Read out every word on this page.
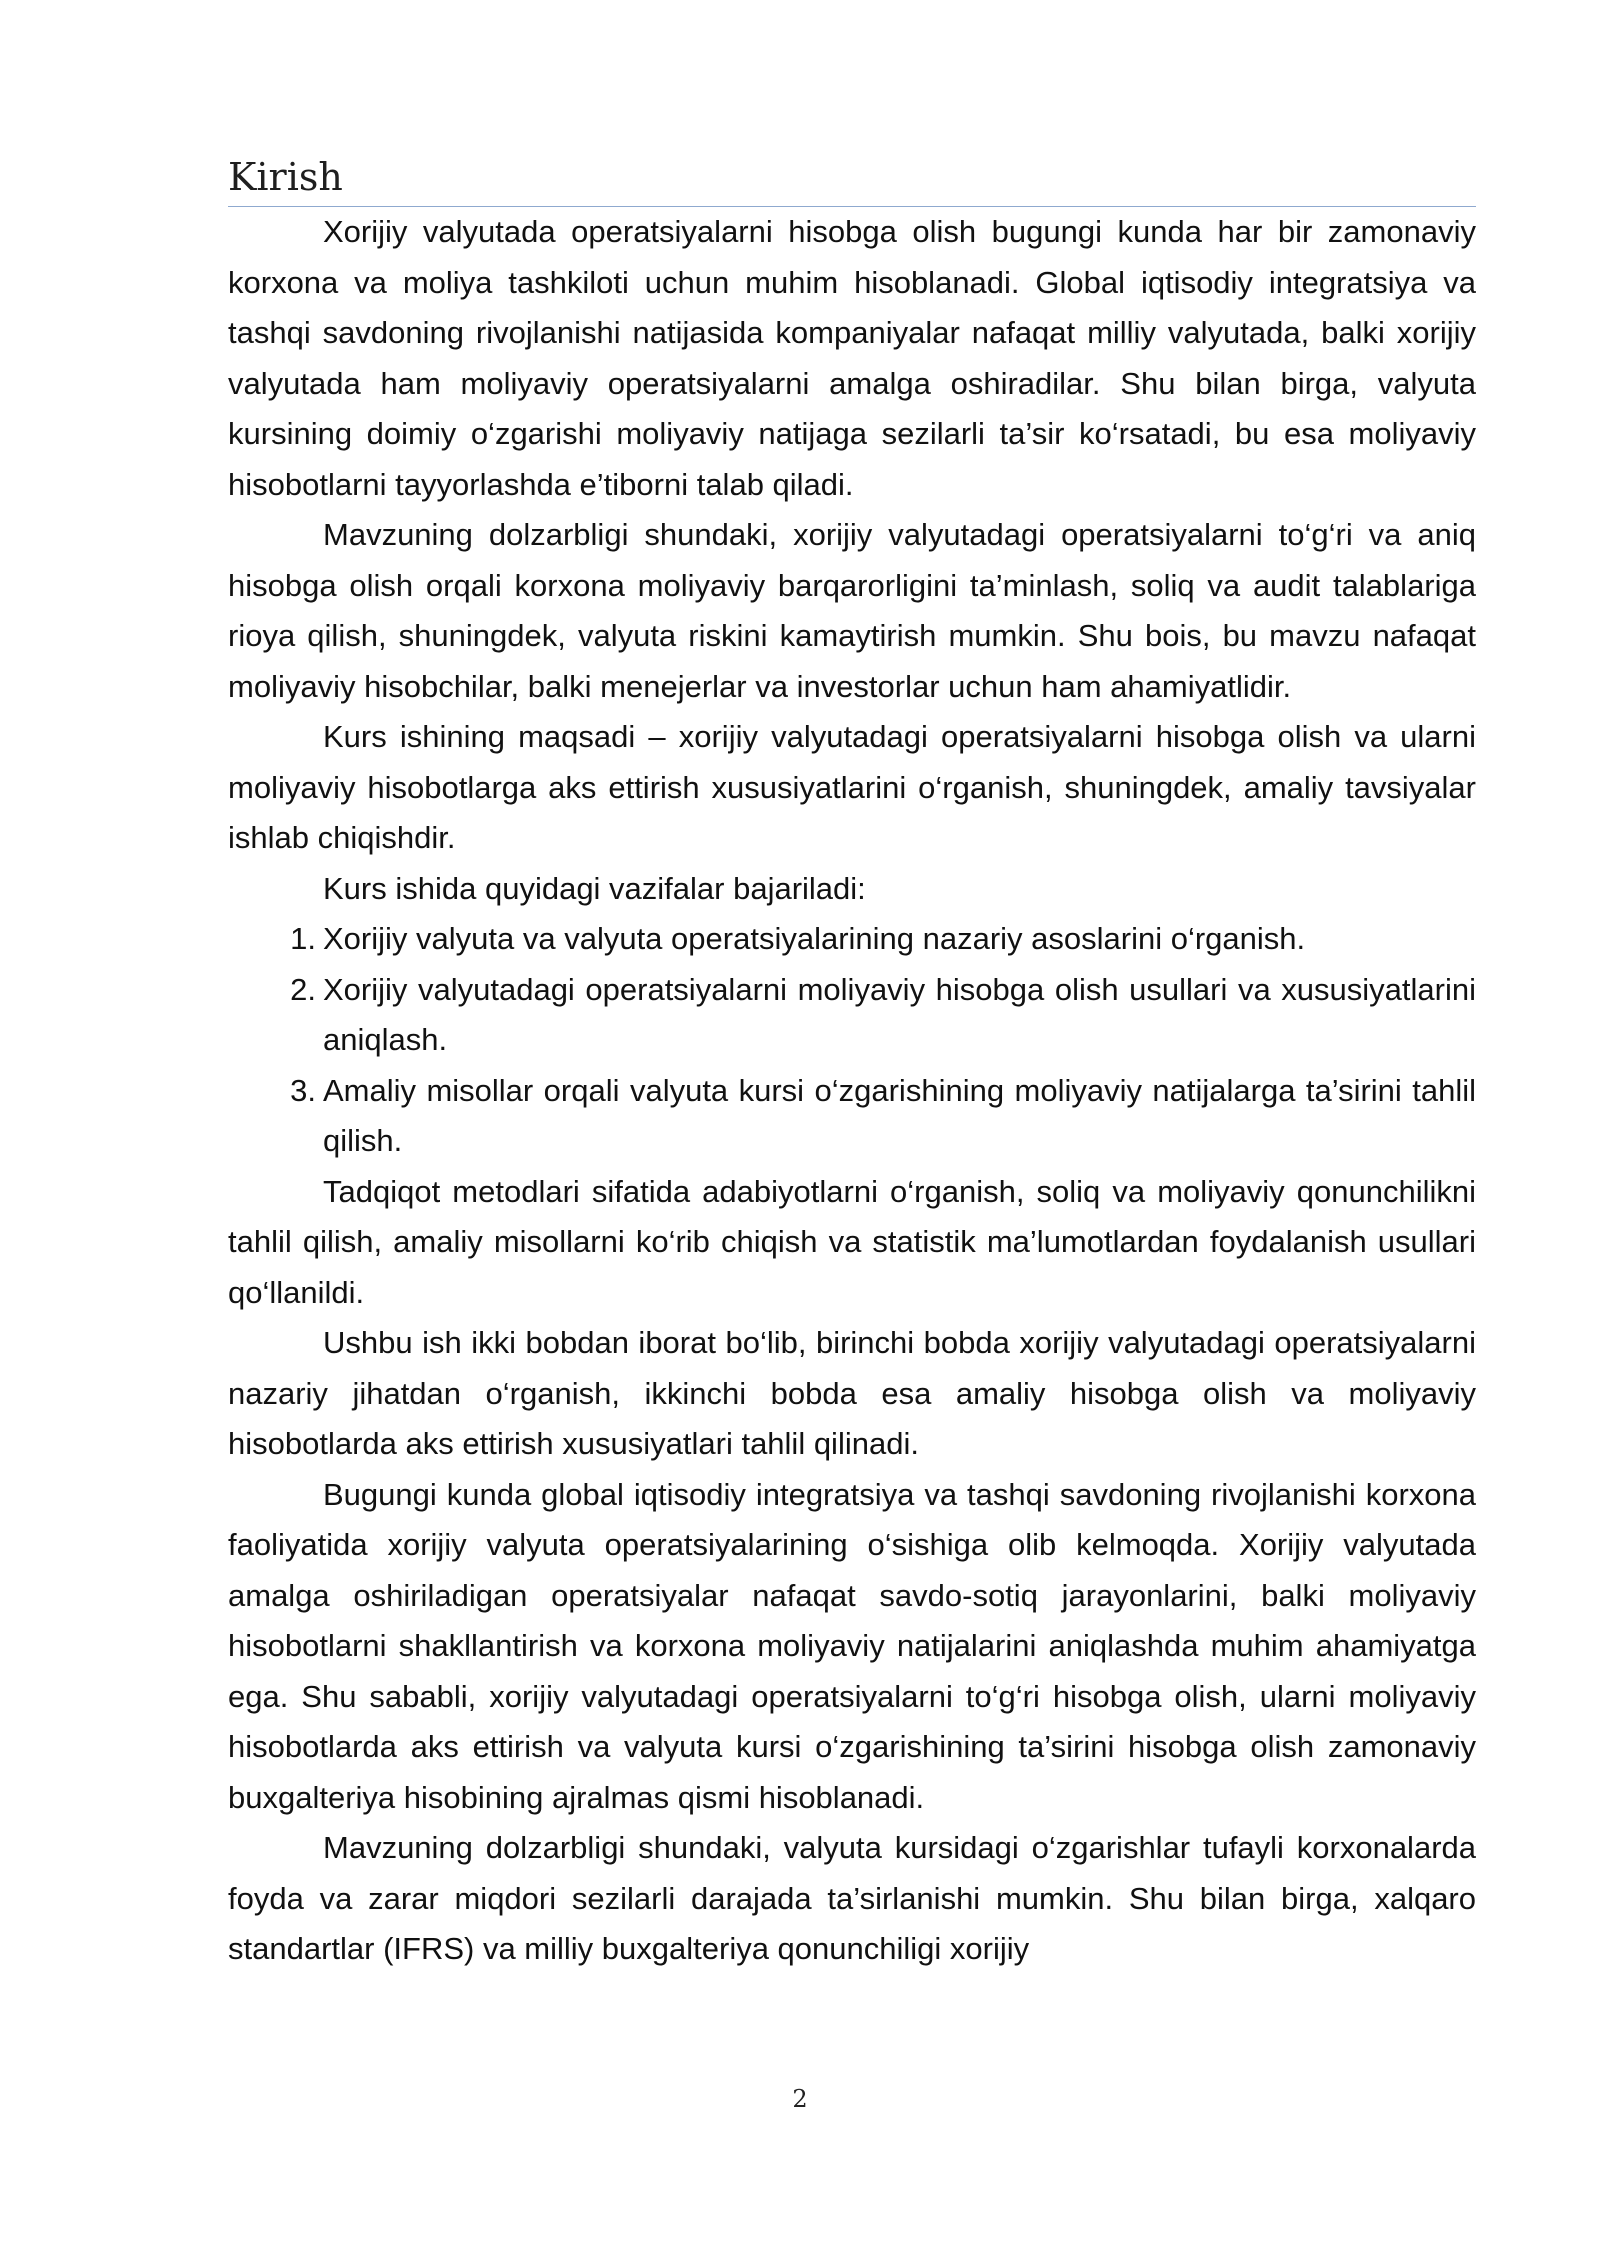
Kirish

Xorijiy valyutada operatsiyalarni hisobga olish bugungi kunda har bir zamonaviy korxona va moliya tashkiloti uchun muhim hisoblanadi. Global iqtisodiy integratsiya va tashqi savdoning rivojlanishi natijasida kompaniyalar nafaqat milliy valyutada, balki xorijiy valyutada ham moliyaviy operatsiyalarni amalga oshiradilar. Shu bilan birga, valyuta kursining doimiy o‘zgarishi moliyaviy natijaga sezilarli ta’sir ko‘rsatadi, bu esa moliyaviy hisobotlarni tayyorlashda e’tiborni talab qiladi.

Mavzuning dolzarbligi shundaki, xorijiy valyutadagi operatsiyalarni to‘g‘ri va aniq hisobga olish orqali korxona moliyaviy barqarorligini ta’minlash, soliq va audit talablariga rioya qilish, shuningdek, valyuta riskini kamaytirish mumkin. Shu bois, bu mavzu nafaqat moliyaviy hisobchilar, balki menejerlar va investorlar uchun ham ahamiyatlidir.

Kurs ishining maqsadi – xorijiy valyutadagi operatsiyalarni hisobga olish va ularni moliyaviy hisobotlarga aks ettirish xususiyatlarini o‘rganish, shuningdek, amaliy tavsiyalar ishlab chiqishdir.

Kurs ishida quyidagi vazifalar bajariladi:

1. Xorijiy valyuta va valyuta operatsiyalarining nazariy asoslarini o‘rganish.
2. Xorijiy valyutadagi operatsiyalarni moliyaviy hisobga olish usullari va xususiyatlarini aniqlash.
3. Amaliy misollar orqali valyuta kursi o‘zgarishining moliyaviy natijalarga ta’sirini tahlil qilish.

Tadqiqot metodlari sifatida adabiyotlarni o‘rganish, soliq va moliyaviy qonunchilikni tahlil qilish, amaliy misollarni ko‘rib chiqish va statistik ma’lumotlardan foydalanish usullari qo‘llanildi.

Ushbu ish ikki bobdan iborat bo‘lib, birinchi bobda xorijiy valyutadagi operatsiyalarni nazariy jihatdan o‘rganish, ikkinchi bobda esa amaliy hisobga olish va moliyaviy hisobotlarda aks ettirish xususiyatlari tahlil qilinadi.

Bugungi kunda global iqtisodiy integratsiya va tashqi savdoning rivojlanishi korxona faoliyatida xorijiy valyuta operatsiyalarining o‘sishiga olib kelmoqda. Xorijiy valyutada amalga oshiriladigan operatsiyalar nafaqat savdo-sotiq jarayonlarini, balki moliyaviy hisobotlarni shakllantirish va korxona moliyaviy natijalarini aniqlashda muhim ahamiyatga ega. Shu sababli, xorijiy valyutadagi operatsiyalarni to‘g‘ri hisobga olish, ularni moliyaviy hisobotlarda aks ettirish va valyuta kursi o‘zgarishining ta’sirini hisobga olish zamonaviy buxgalteriya hisobining ajralmas qismi hisoblanadi.

Mavzuning dolzarbligi shundaki, valyuta kursidagi o‘zgarishlar tufayli korxonalarda foyda va zarar miqdori sezilarli darajada ta’sirlanishi mumkin. Shu bilan birga, xalqaro standartlar (IFRS) va milliy buxgalteriya qonunchiligi xorijiy

2
